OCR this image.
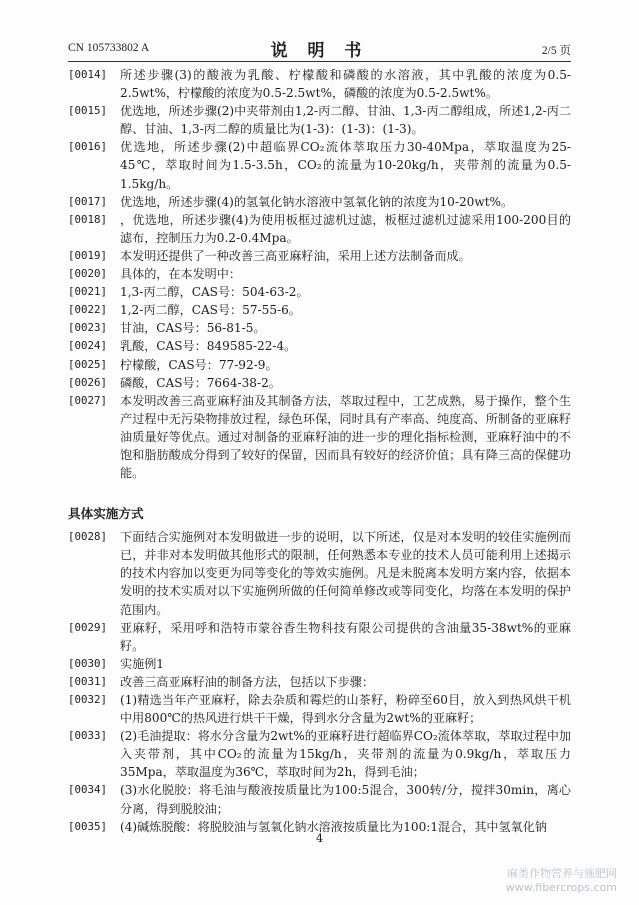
CN 105733802 A	说 明 书	2/5 页
[0014] 所述步骤(3)的酸液为乳酸、柠檬酸和磷酸的水溶液，其中乳酸的浓度为0.5-2.5wt%，柠檬酸的浓度为0.5-2.5wt%，磷酸的浓度为0.5-2.5wt%。
[0015] 优选地，所述步骤(2)中夹带剂由1,2-丙二醇、甘油、1,3-丙二醇组成，所述1,2-丙二醇、甘油、1,3-丙二醇的质量比为(1-3)：(1-3)：(1-3)。
[0016] 优选地，所述步骤(2)中超临界CO₂流体萃取压力30-40Mpa，萃取温度为25-45℃，萃取时间为1.5-3.5h，CO₂的流量为10-20kg/h，夹带剂的流量为0.5-1.5kg/h。
[0017] 优选地，所述步骤(4)的氢氧化钠水溶液中氢氧化钠的浓度为10-20wt%。
[0018] ，优选地，所述步骤(4)为使用板框过滤机过滤，板框过滤机过滤采用100-200目的滤布，控制压力为0.2-0.4Mpa。
[0019] 本发明还提供了一种改善三高亚麻籽油，采用上述方法制备而成。
[0020] 具体的，在本发明中：
[0021] 1,3-丙二醇，CAS号：504-63-2。
[0022] 1,2-丙二醇，CAS号：57-55-6。
[0023] 甘油，CAS号：56-81-5。
[0024] 乳酸，CAS号：849585-22-4。
[0025] 柠檬酸，CAS号：77-92-9。
[0026] 磷酸，CAS号：7664-38-2。
[0027] 本发明改善三高亚麻籽油及其制备方法，萃取过程中，工艺成熟，易于操作，整个生产过程中无污染物排放过程，绿色环保，同时具有产率高、纯度高、所制备的亚麻籽油质量好等优点。通过对制备的亚麻籽油的进一步的理化指标检测，亚麻籽油中的不饱和脂肪酸成分得到了较好的保留，因而具有较好的经济价值；具有降三高的保健功能。
具体实施方式
[0028] 下面结合实施例对本发明做进一步的说明，以下所述，仅是对本发明的较佳实施例而已，并非对本发明做其他形式的限制，任何熟悉本专业的技术人员可能利用上述揭示的技术内容加以变更为同等变化的等效实施例。凡是未脱离本发明方案内容，依据本发明的技术实质对以下实施例所做的任何简单修改或等同变化，均落在本发明的保护范围内。
[0029] 亚麻籽，采用呼和浩特市蒙谷香生物科技有限公司提供的含油量35-38wt%的亚麻籽。
[0030] 实施例1
[0031] 改善三高亚麻籽油的制备方法，包括以下步骤：
[0032] (1)精选当年产亚麻籽，除去杂质和霉烂的山茶籽，粉碎至60目，放入到热风烘干机中用800℃的热风进行烘干干燥，得到水分含量为2wt%的亚麻籽；
[0033] (2)毛油提取：将水分含量为2wt%的亚麻籽进行超临界CO₂流体萃取，萃取过程中加入夹带剂，其中CO₂的流量为15kg/h，夹带剂的流量为0.9kg/h，萃取压力35Mpa，萃取温度为36℃，萃取时间为2h，得到毛油；
[0034] (3)水化脱胶：将毛油与酸液按质量比为100:5混合，300转/分，搅拌30min，离心分离，得到脱胶油；
[0035] (4)碱炼脱酸：将脱胶油与氢氧化钠水溶液按质量比为100:1混合，其中氢氧化钠
4
麻类作物营养与施肥网
www.fibercrops.com
